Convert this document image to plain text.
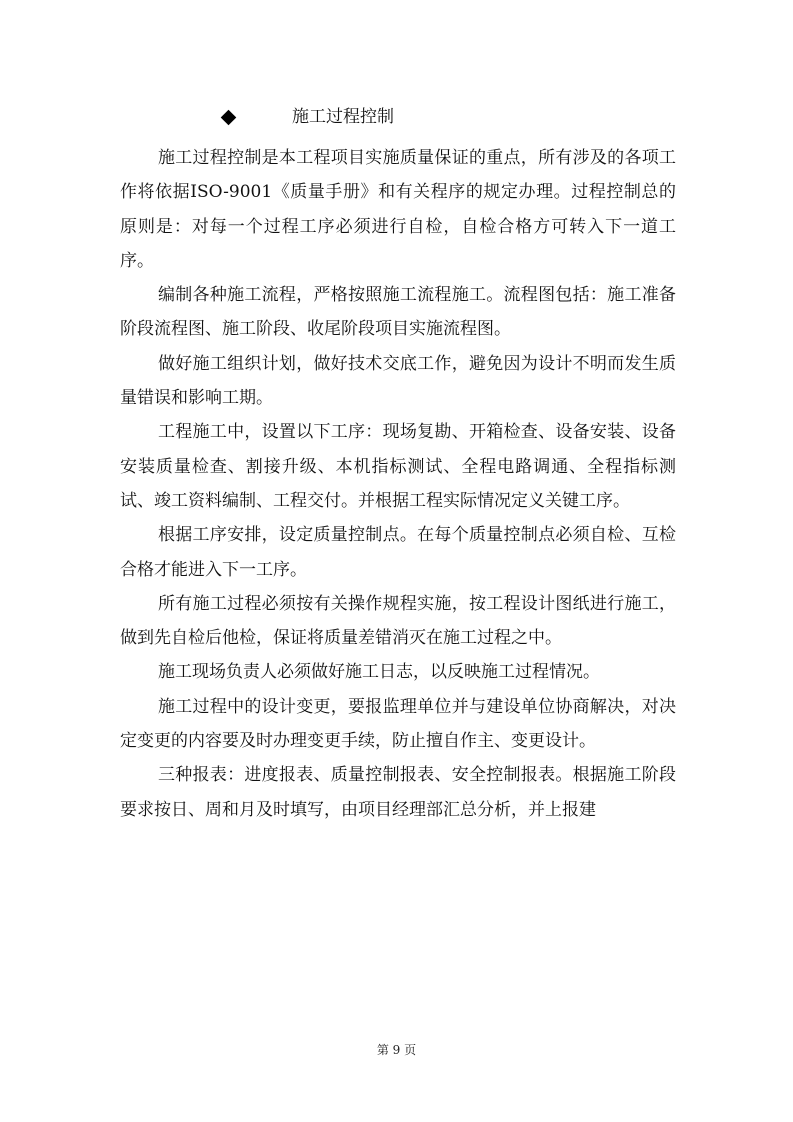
施工过程控制

施工过程控制是本工程项目实施质量保证的重点，所有涉及的各项工作将依据ISO-9001《质量手册》和有关程序的规定办理。过程控制总的原则是：对每一个过程工序必须进行自检，自检合格方可转入下一道工序。

编制各种施工流程，严格按照施工流程施工。流程图包括：施工准备阶段流程图、施工阶段、收尾阶段项目实施流程图。

做好施工组织计划，做好技术交底工作，避免因为设计不明而发生质量错误和影响工期。

工程施工中，设置以下工序：现场复勘、开箱检查、设备安装、设备安装质量检查、割接升级、本机指标测试、全程电路调通、全程指标测试、竣工资料编制、工程交付。并根据工程实际情况定义关键工序。

根据工序安排，设定质量控制点。在每个质量控制点必须自检、互检合格才能进入下一工序。

所有施工过程必须按有关操作规程实施，按工程设计图纸进行施工，做到先自检后他检，保证将质量差错消灭在施工过程之中。

施工现场负责人必须做好施工日志，以反映施工过程情况。

施工过程中的设计变更，要报监理单位并与建设单位协商解决，对决定变更的内容要及时办理变更手续，防止擅自作主、变更设计。

三种报表：进度报表、质量控制报表、安全控制报表。根据施工阶段要求按日、周和月及时填写，由项目经理部汇总分析，并上报建

第 9 页
